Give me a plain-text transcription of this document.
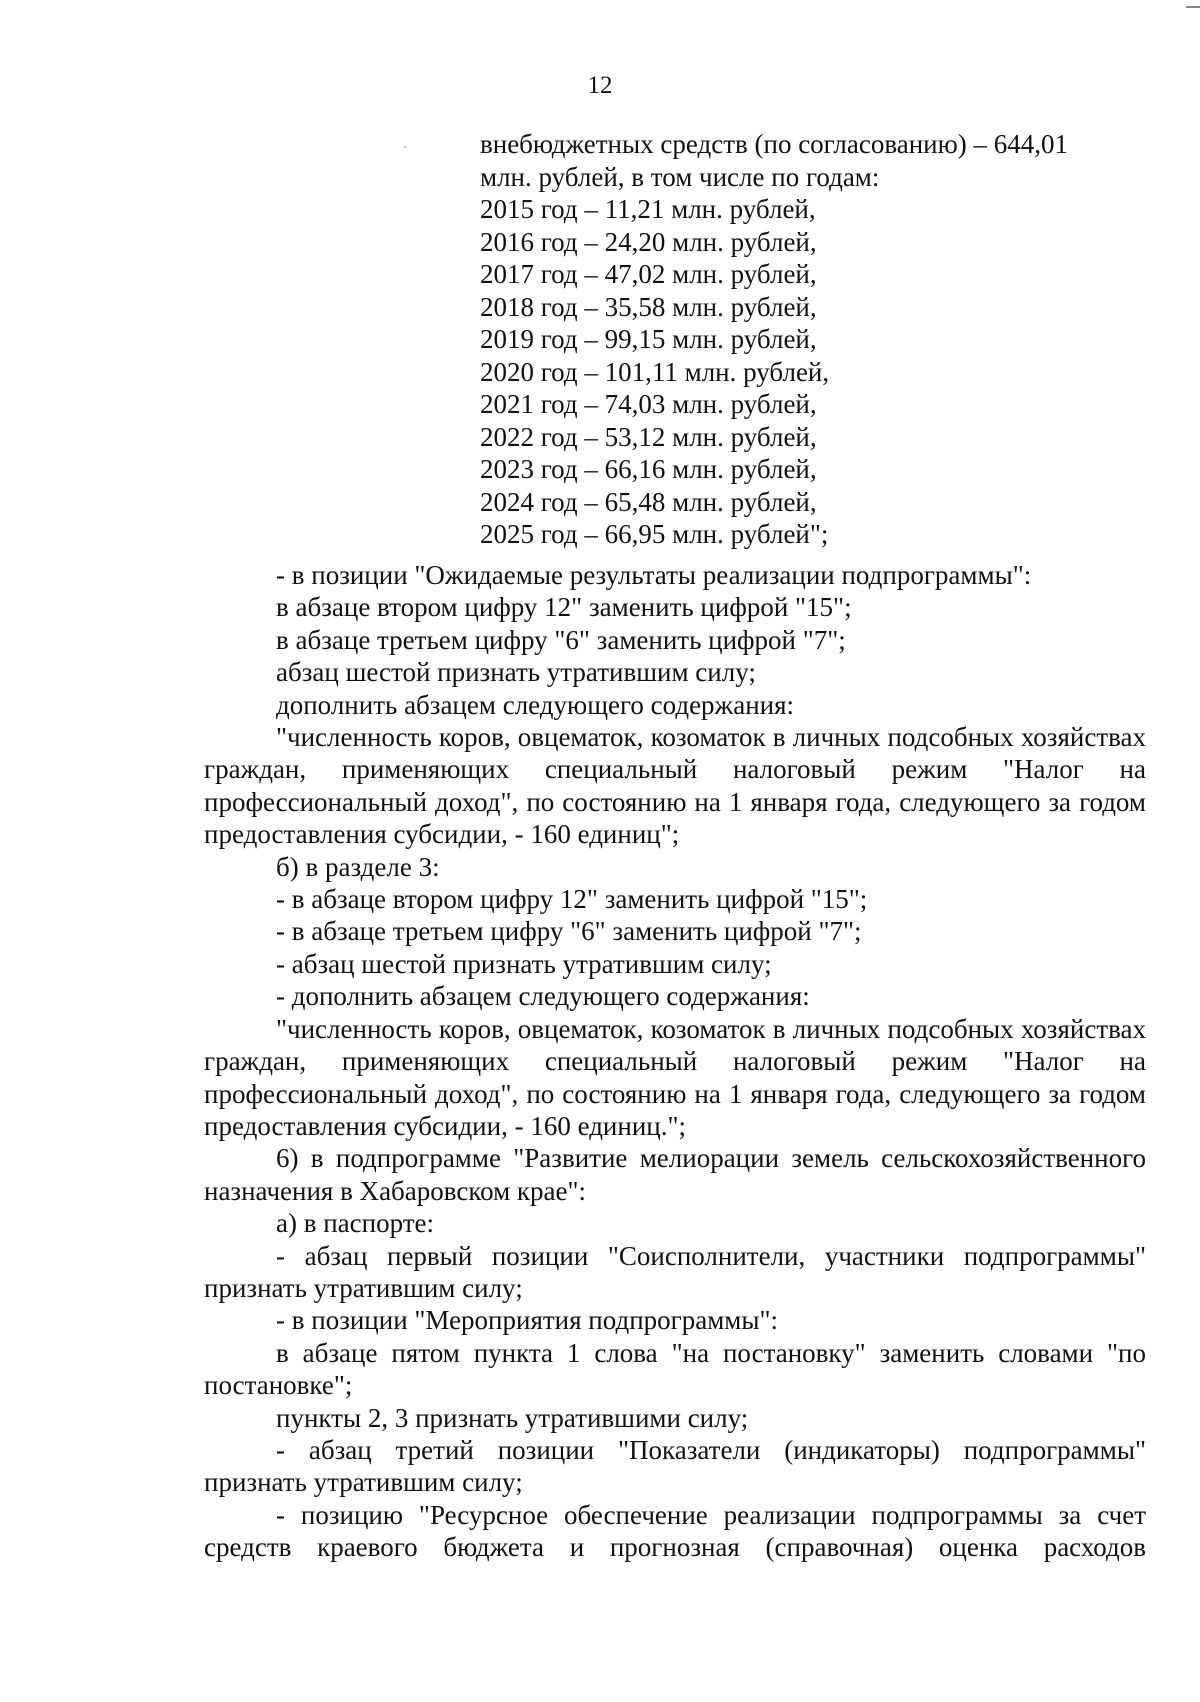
12
внебюджетных средств (по согласованию) – 644,01
млн. рублей, в том числе по годам:
2015 год – 11,21 млн. рублей,
2016 год – 24,20 млн. рублей,
2017 год – 47,02 млн. рублей,
2018 год – 35,58 млн. рублей,
2019 год – 99,15 млн. рублей,
2020 год – 101,11 млн. рублей,
2021 год – 74,03 млн. рублей,
2022 год – 53,12 млн. рублей,
2023 год – 66,16 млн. рублей,
2024 год – 65,48 млн. рублей,
2025 год – 66,95 млн. рублей";

- в позиции "Ожидаемые результаты реализации подпрограммы":

в абзаце втором цифру 12" заменить цифрой "15";

в абзаце третьем цифру "6" заменить цифрой "7";

абзац шестой признать утратившим силу;

дополнить абзацем следующего содержания:

"численность коров, овцематок, козоматок в личных подсобных хозяйствах граждан, применяющих специальный налоговый режим "Налог на профессиональный доход", по состоянию на 1 января года, следующего за годом предоставления субсидии, - 160 единиц";

б) в разделе 3:

- в абзаце втором цифру 12" заменить цифрой "15";

- в абзаце третьем цифру "6" заменить цифрой "7";

- абзац шестой признать утратившим силу;

- дополнить абзацем следующего содержания:

"численность коров, овцематок, козоматок в личных подсобных хозяйствах граждан, применяющих специальный налоговый режим "Налог на профессиональный доход", по состоянию на 1 января года, следующего за годом предоставления субсидии, - 160 единиц.";

6) в подпрограмме "Развитие мелиорации земель сельскохозяйственного назначения в Хабаровском крае":

а) в паспорте:

- абзац первый позиции "Соисполнители, участники подпрограммы" признать утратившим силу;

- в позиции "Мероприятия подпрограммы":

в абзаце пятом пункта 1 слова "на постановку" заменить словами "по постановке";

пункты 2, 3 признать утратившими силу;

- абзац третий позиции "Показатели (индикаторы) подпрограммы" признать утратившим силу;

- позицию "Ресурсное обеспечение реализации подпрограммы за счет средств краевого бюджета и прогнозная (справочная) оценка расходов
